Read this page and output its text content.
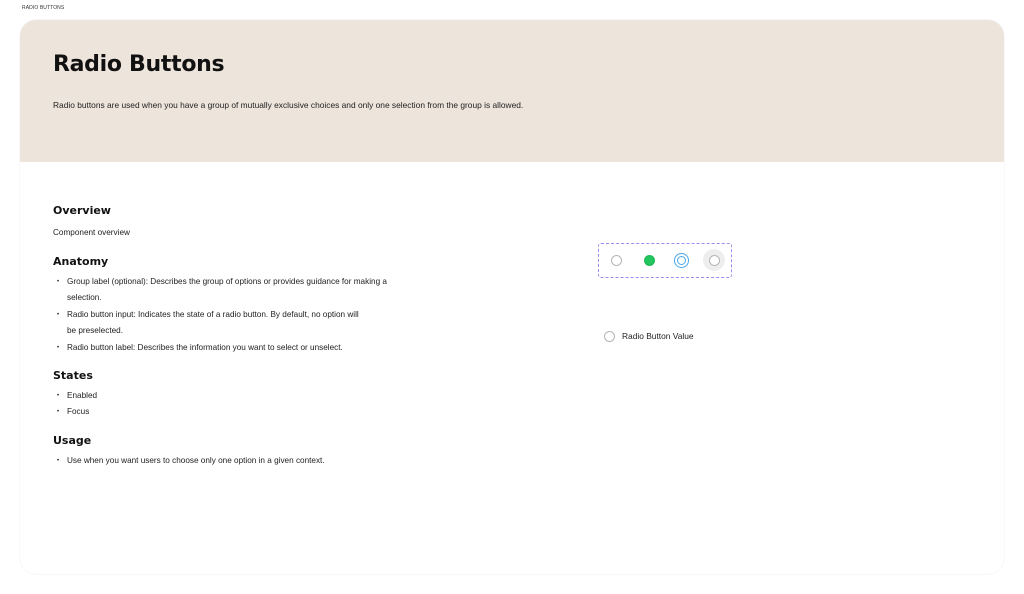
RADIO BUTTONS
Radio Buttons

Radio buttons are used when you have a group of mutually exclusive choices and only one selection from the group is allowed.

Overview

Component overview

Anatomy
• Group label (optional): Describes the group of options or provides guidance for making a selection.
• Radio button input: Indicates the state of a radio button. By default, no option will be preselected.
• Radio button label: Describes the information you want to select or unselect.
States
• Enabled
• Focus
Usage
• Use when you want users to choose only one option in a given context.
Radio Button Value
